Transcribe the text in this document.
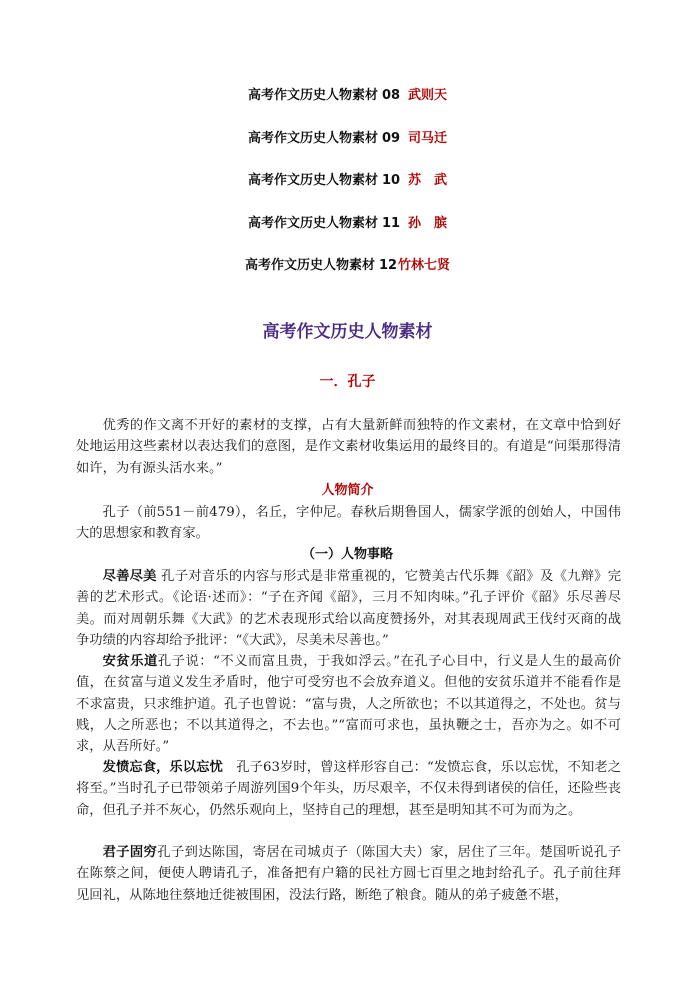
高考作文历史人物素材 08 武则天
高考作文历史人物素材 09 司马迁
高考作文历史人物素材 10 苏　武
高考作文历史人物素材 11 孙　膑
高考作文历史人物素材 12 竹林七贤
高考作文历史人物素材
一．孔子

优秀的作文离不开好的素材的支撑，占有大量新鲜而独特的作文素材，在文章中恰到好处地运用这些素材以表达我们的意图，是作文素材收集运用的最终目的。有道是“问渠那得清如许，为有源头活水来。”

人物简介

孔子（前551－前479），名丘，字仲尼。春秋后期鲁国人，儒家学派的创始人，中国伟大的思想家和教育家。

（一）人物事略

尽善尽美 孔子对音乐的内容与形式是非常重视的，它赞美古代乐舞《韶》及《九辩》完善的艺术形式。《论语·述而》：“子在齐闻《韶》，三月不知肉味。”孔子评价《韶》乐尽善尽美。而对周朝乐舞《大武》的艺术表现形式给以高度赞扬外，对其表现周武王伐纣灭商的战争功绩的内容却给予批评：“《大武》，尽美未尽善也。”

安贫乐道孔子说：“不义而富且贵，于我如浮云。”在孔子心目中，行义是人生的最高价值，在贫富与道义发生矛盾时，他宁可受穷也不会放弃道义。但他的安贫乐道并不能看作是不求富贵，只求维护道。孔子也曾说：“富与贵，人之所欲也；不以其道得之，不处也。贫与贱，人之所恶也；不以其道得之，不去也。”“富而可求也，虽执鞭之士，吾亦为之。如不可求，从吾所好。”

发愤忘食，乐以忘忧　孔子63岁时，曾这样形容自己：“发愤忘食，乐以忘忧，不知老之将至。”当时孔子已带领弟子周游列国9个年头，历尽艰辛，不仅未得到诸侯的信任，还险些丧命，但孔子并不灰心，仍然乐观向上，坚持自己的理想，甚至是明知其不可为而为之。

君子固穷孔子到达陈国，寄居在司城贞子（陈国大夫）家，居住了三年。楚国听说孔子在陈蔡之间，便使人聘请孔子，准备把有户籍的民社方圆七百里之地封给孔子。孔子前往拜见回礼，从陈地往蔡地迁徙被围困，没法行路，断绝了粮食。随从的弟子疲惫不堪，
